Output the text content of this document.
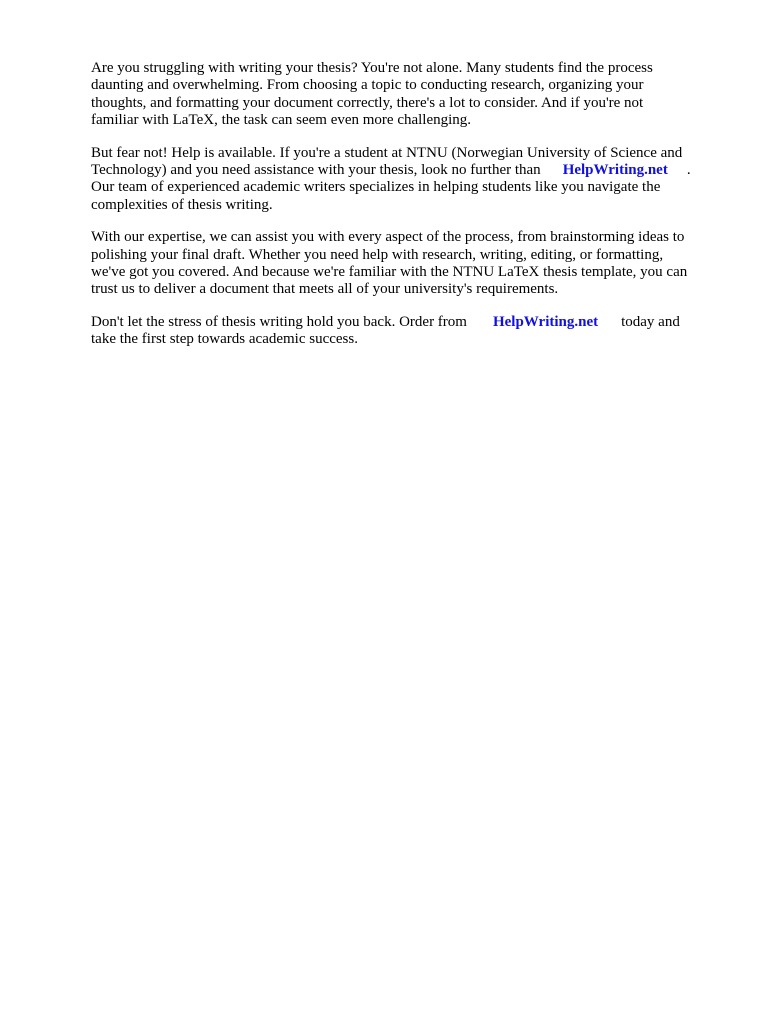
Are you struggling with writing your thesis? You're not alone. Many students find the process
daunting and overwhelming. From choosing a topic to conducting research, organizing your
thoughts, and formatting your document correctly, there's a lot to consider. And if you're not
familiar with LaTeX, the task can seem even more challenging.

But fear not! Help is available. If you're a student at NTNU (Norwegian University of Science and
Technology) and you need assistance with your thesis, look no further than HelpWriting.net .
Our team of experienced academic writers specializes in helping students like you navigate the
complexities of thesis writing.

With our expertise, we can assist you with every aspect of the process, from brainstorming ideas to
polishing your final draft. Whether you need help with research, writing, editing, or formatting,
we've got you covered. And because we're familiar with the NTNU LaTeX thesis template, you can
trust us to deliver a document that meets all of your university's requirements.

Don't let the stress of thesis writing hold you back. Order from HelpWriting.net today and
take the first step towards academic success.
